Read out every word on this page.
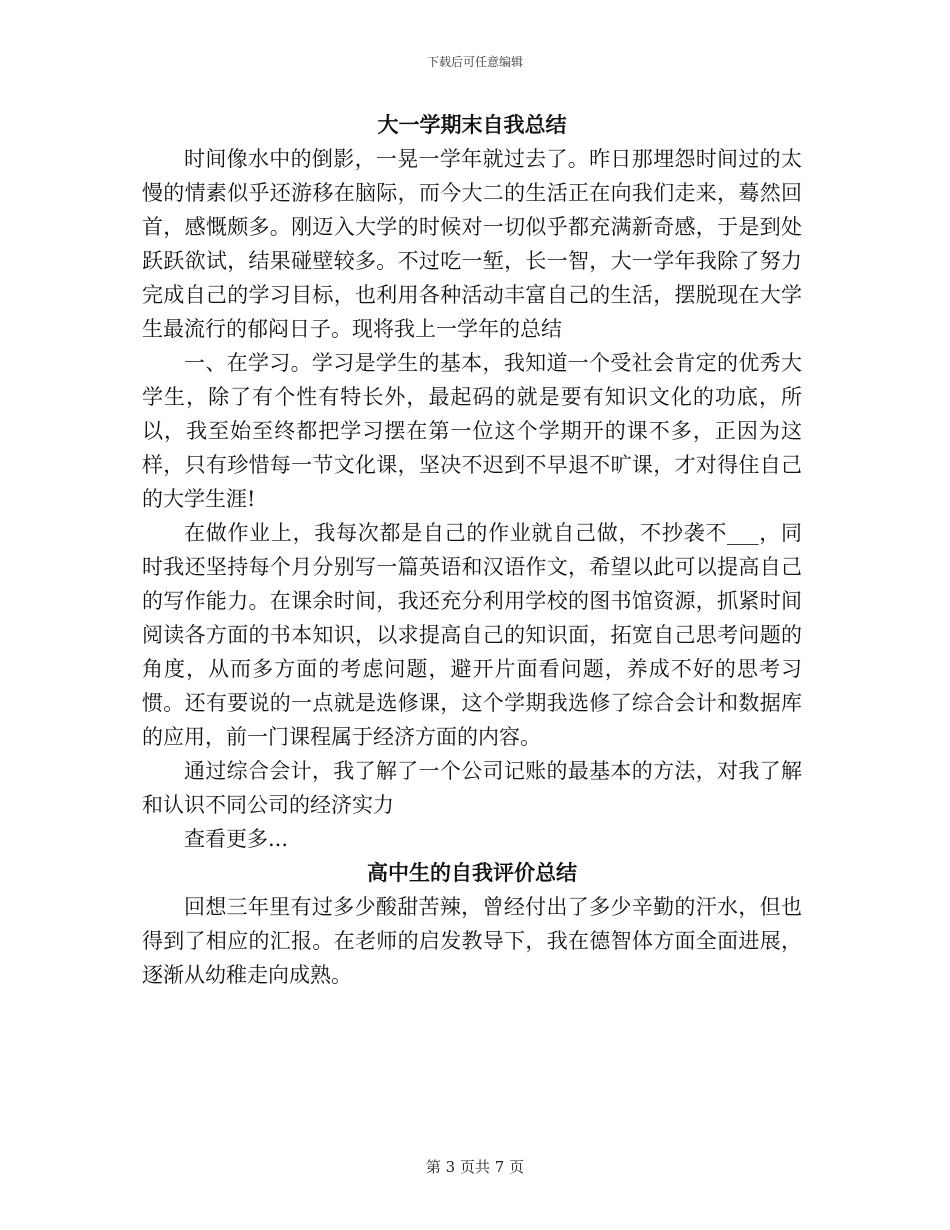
下载后可任意编辑
大一学期末自我总结

时间像水中的倒影，一晃一学年就过去了。昨日那埋怨时间过的太慢的情素似乎还游移在脑际，而今大二的生活正在向我们走来，蓦然回首，感慨颇多。刚迈入大学的时候对一切似乎都充满新奇感，于是到处跃跃欲试，结果碰壁较多。不过吃一堑，长一智，大一学年我除了努力完成自己的学习目标，也利用各种活动丰富自己的生活，摆脱现在大学生最流行的郁闷日子。现将我上一学年的总结

一、在学习。学习是学生的基本，我知道一个受社会肯定的优秀大学生，除了有个性有特长外，最起码的就是要有知识文化的功底，所以，我至始至终都把学习摆在第一位这个学期开的课不多，正因为这样，只有珍惜每一节文化课，坚决不迟到不早退不旷课，才对得住自己的大学生涯!

在做作业上，我每次都是自己的作业就自己做，不抄袭不___，同时我还坚持每个月分别写一篇英语和汉语作文，希望以此可以提高自己的写作能力。在课余时间，我还充分利用学校的图书馆资源，抓紧时间阅读各方面的书本知识，以求提高自己的知识面，拓宽自己思考问题的角度，从而多方面的考虑问题，避开片面看问题，养成不好的思考习惯。还有要说的一点就是选修课，这个学期我选修了综合会计和数据库的应用，前一门课程属于经济方面的内容。

通过综合会计，我了解了一个公司记账的最基本的方法，对我了解和认识不同公司的经济实力

查看更多...

高中生的自我评价总结

回想三年里有过多少酸甜苦辣，曾经付出了多少辛勤的汗水，但也得到了相应的汇报。在老师的启发教导下，我在德智体方面全面进展，逐渐从幼稚走向成熟。

第 3 页共 7 页
